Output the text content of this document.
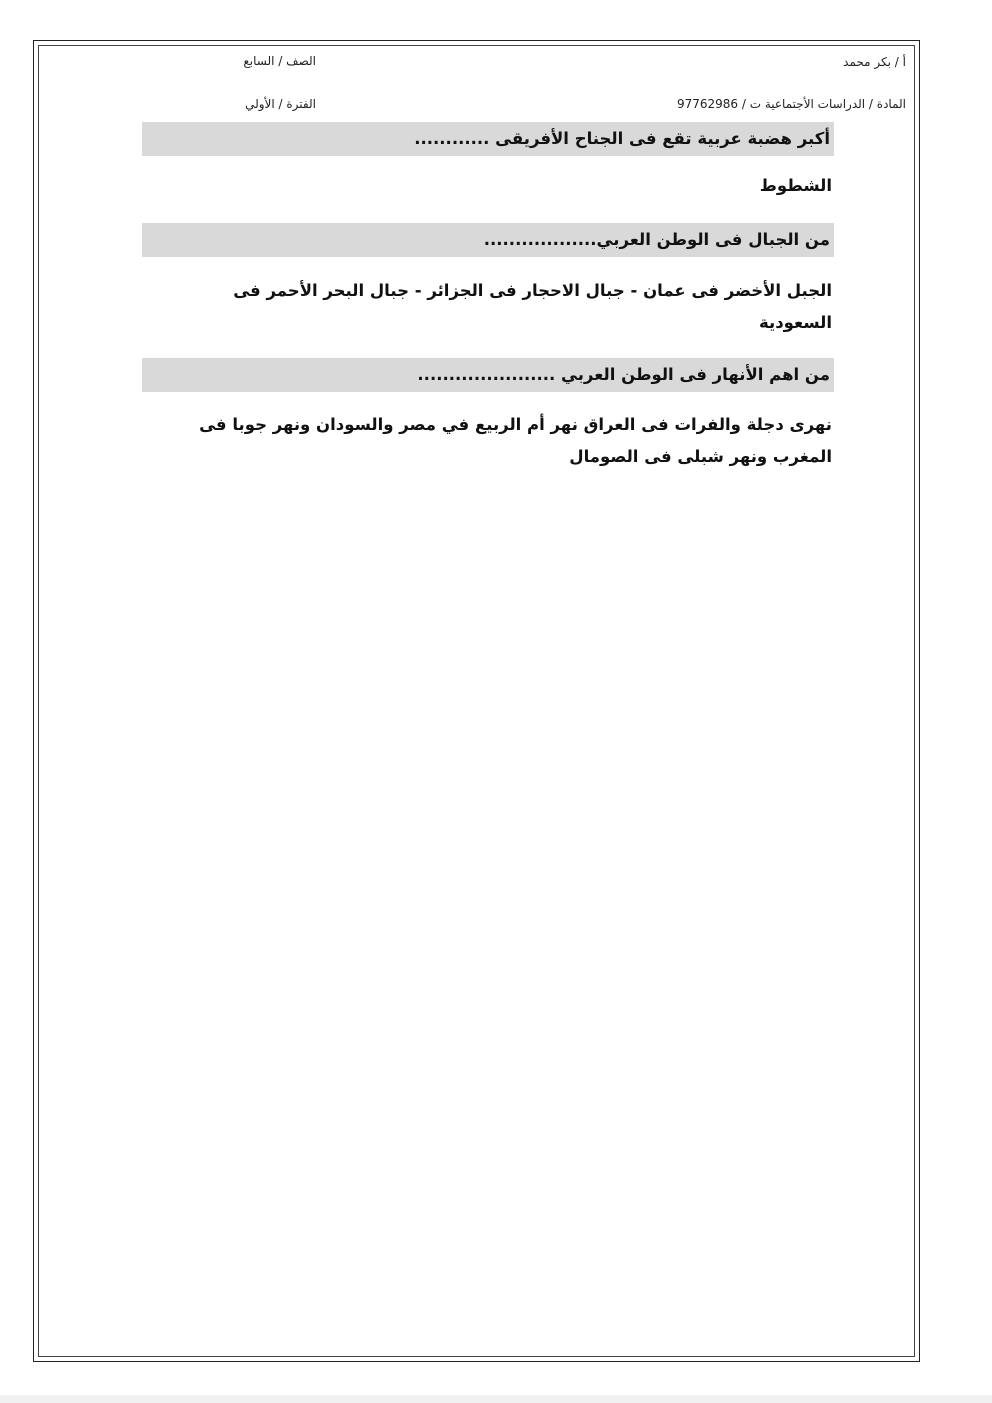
أ / بكر محمد
الصف / السابع
المادة / الدراسات الأجتماعية ت / 97762986
الفترة / الأولي
أكبر هضبة عربية تقع فى الجناح الأفريقى ............
الشطوط
من الجبال فى الوطن العربي..................
الجبل الأخضر فى عمان - جبال الاحجار فى الجزائر - جبال البحر الأحمر فى
السعودية
من اهم الأنهار فى الوطن العربي ......................
نهرى دجلة والفرات فى العراق نهر أم الربيع في مصر والسودان ونهر جوبا فى
المغرب ونهر شبلى فى الصومال
